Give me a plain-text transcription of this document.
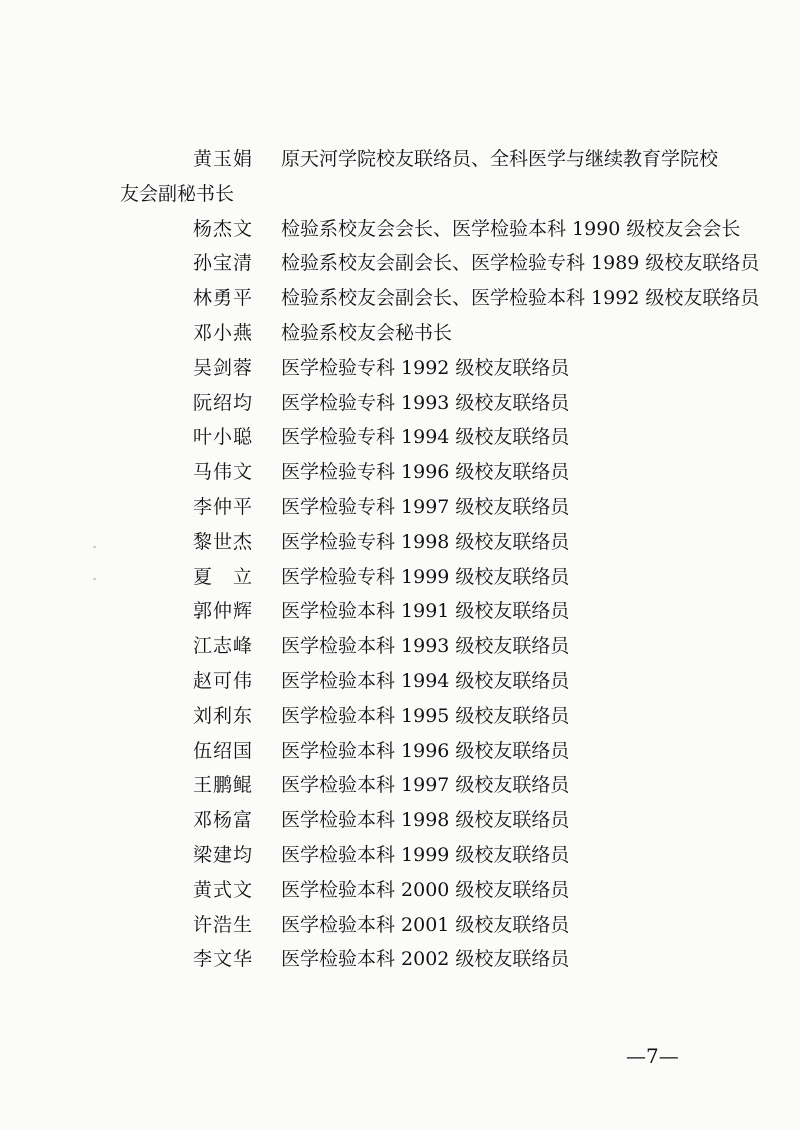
黄玉娟 原天河学院校友联络员、全科医学与继续教育学院校
友会副秘书长
杨杰文 检验系校友会会长、医学检验本科 1990 级校友会会长
孙宝清 检验系校友会副会长、医学检验专科 1989 级校友联络员
林勇平 检验系校友会副会长、医学检验本科 1992 级校友联络员
邓小燕 检验系校友会秘书长
吴剑蓉 医学检验专科 1992 级校友联络员
阮绍均 医学检验专科 1993 级校友联络员
叶小聪 医学检验专科 1994 级校友联络员
马伟文 医学检验专科 1996 级校友联络员
李仲平 医学检验专科 1997 级校友联络员
黎世杰 医学检验专科 1998 级校友联络员
夏　立 医学检验专科 1999 级校友联络员
郭仲辉 医学检验本科 1991 级校友联络员
江志峰 医学检验本科 1993 级校友联络员
赵可伟 医学检验本科 1994 级校友联络员
刘利东 医学检验本科 1995 级校友联络员
伍绍国 医学检验本科 1996 级校友联络员
王鹏鲲 医学检验本科 1997 级校友联络员
邓杨富 医学检验本科 1998 级校友联络员
梁建均 医学检验本科 1999 级校友联络员
黄式文 医学检验本科 2000 级校友联络员
许浩生 医学检验本科 2001 级校友联络员
李文华 医学检验本科 2002 级校友联络员
—7—
